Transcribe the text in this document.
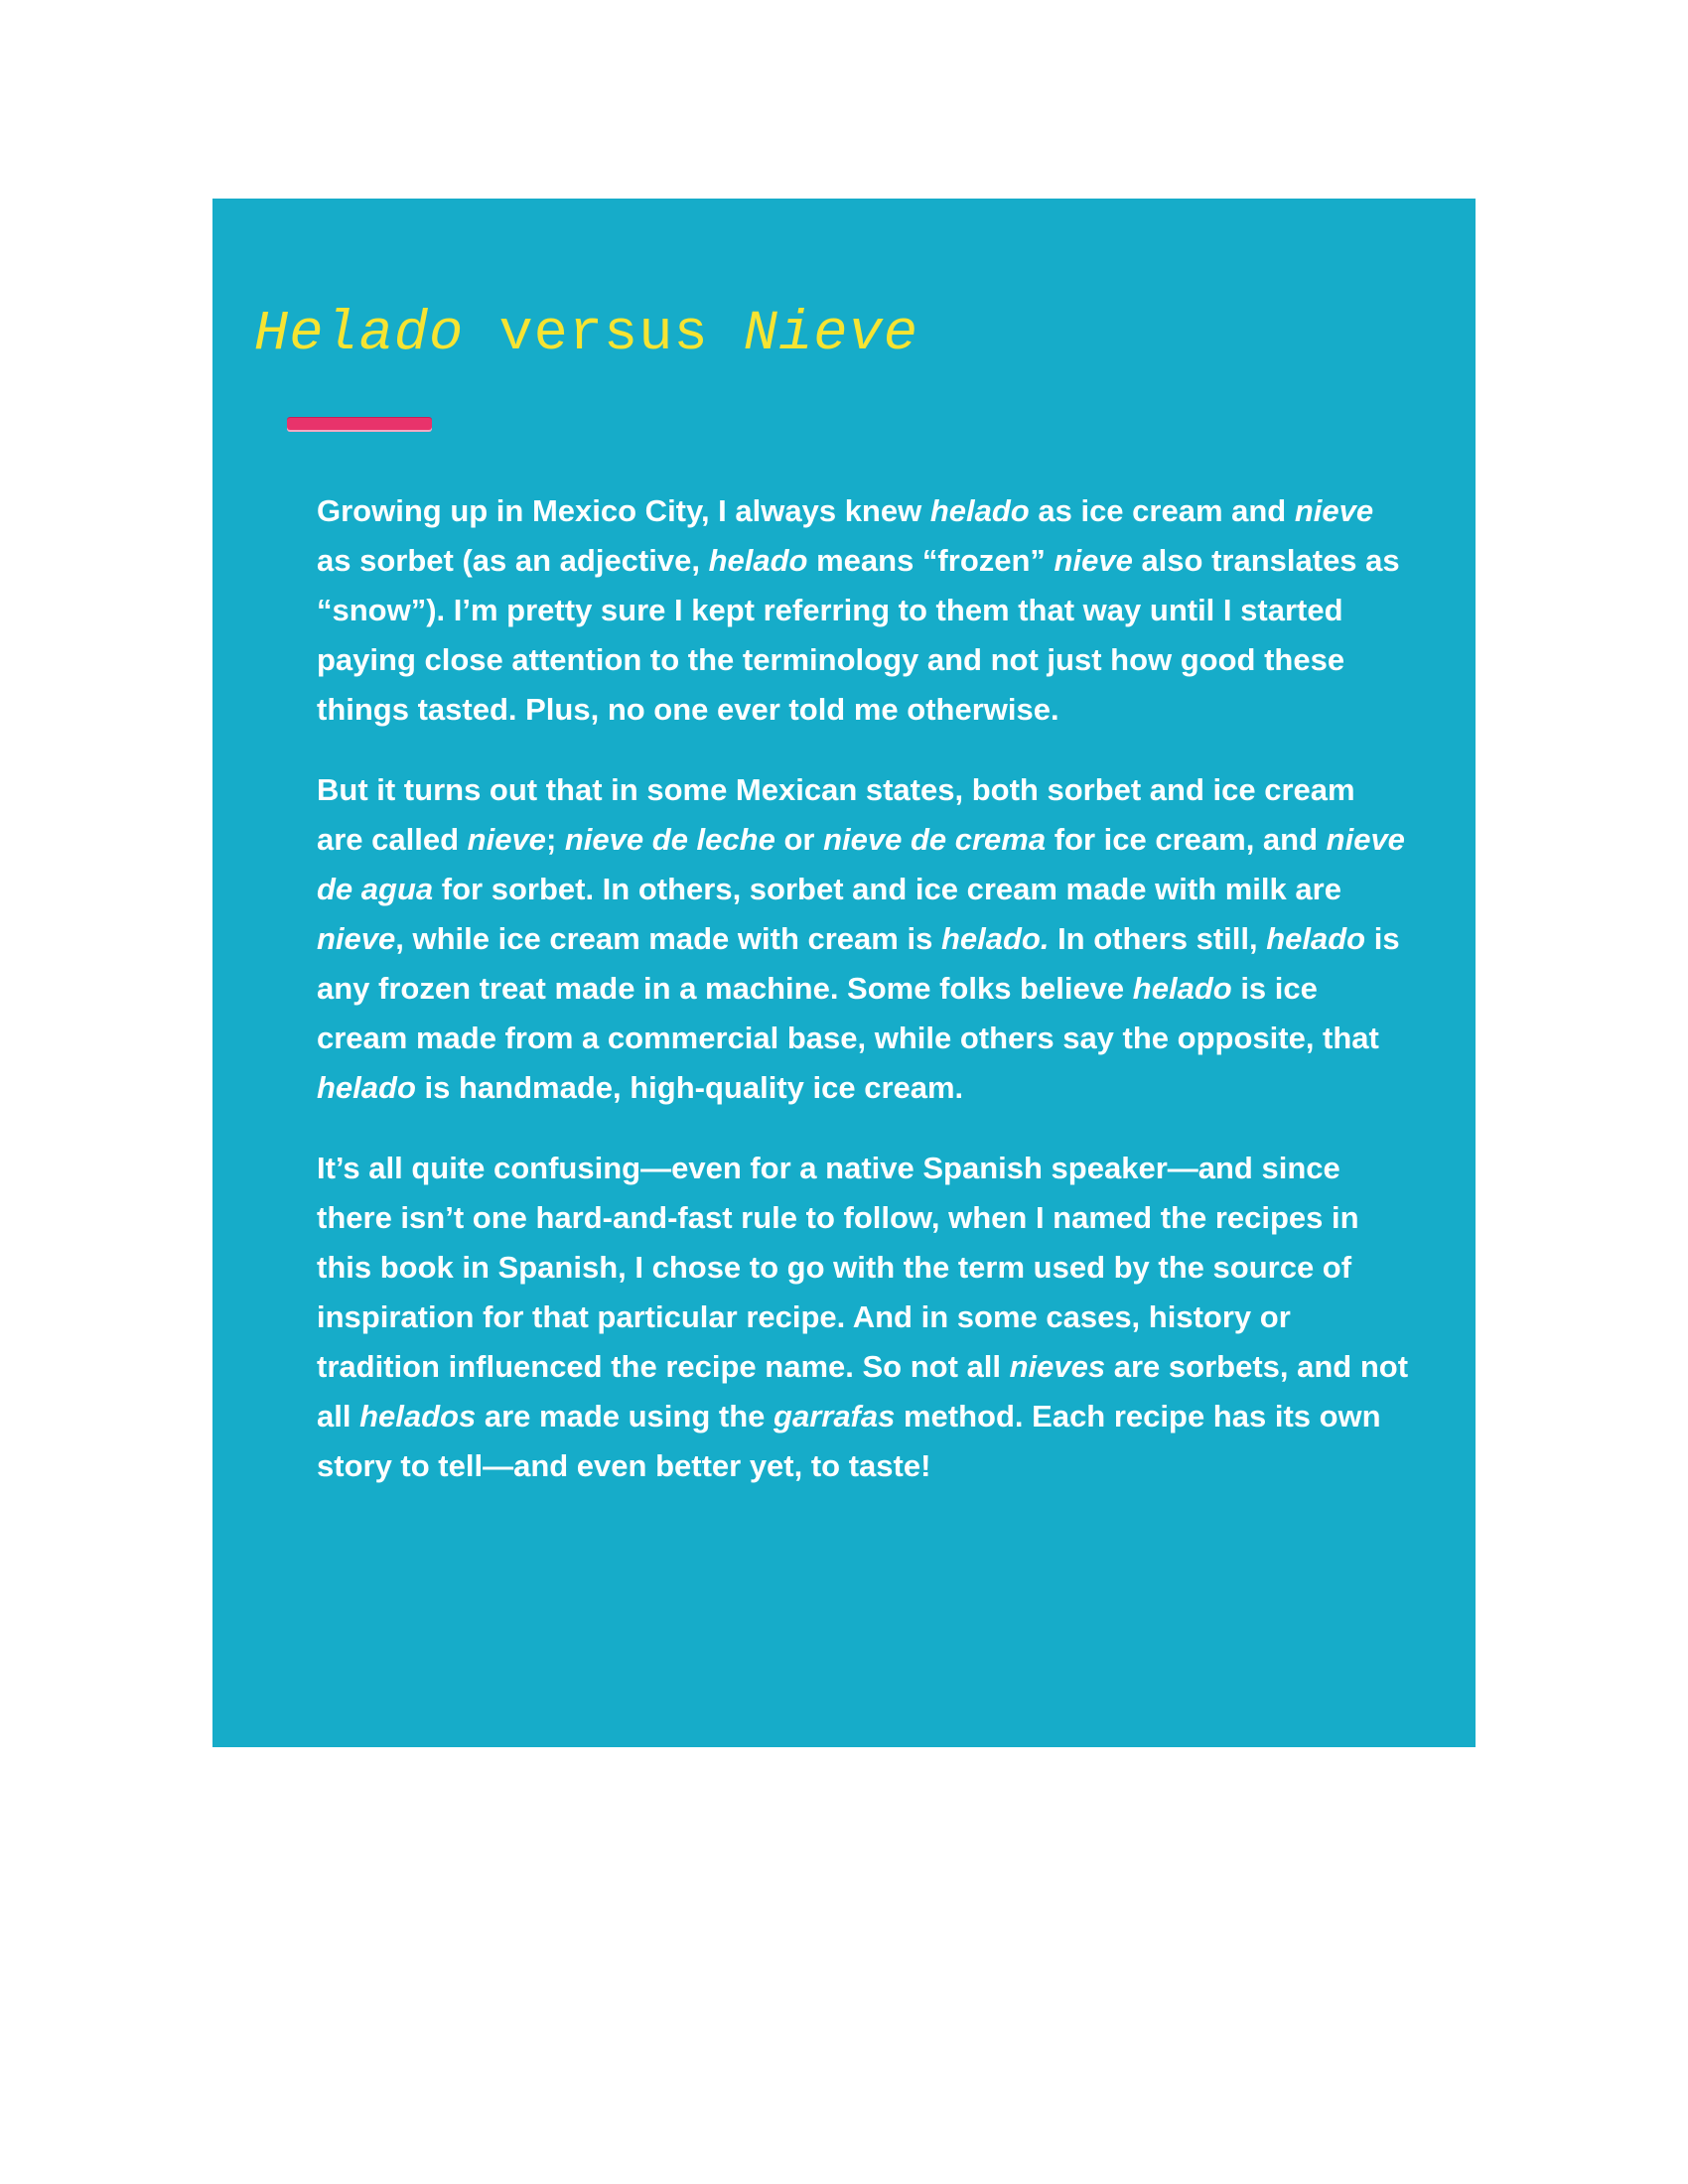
Helado versus Nieve

Growing up in Mexico City, I always knew helado as ice cream and nieve as sorbet (as an adjective, helado means “frozen” nieve also translates as “snow”). I’m pretty sure I kept referring to them that way until I started paying close attention to the terminology and not just how good these things tasted. Plus, no one ever told me otherwise.

But it turns out that in some Mexican states, both sorbet and ice cream are called nieve; nieve de leche or nieve de crema for ice cream, and nieve de agua for sorbet. In others, sorbet and ice cream made with milk are nieve, while ice cream made with cream is helado. In others still, helado is any frozen treat made in a machine. Some folks believe helado is ice cream made from a commercial base, while others say the opposite, that helado is handmade, high-quality ice cream.

It’s all quite confusing—even for a native Spanish speaker—and since there isn’t one hard-and-fast rule to follow, when I named the recipes in this book in Spanish, I chose to go with the term used by the source of inspiration for that particular recipe. And in some cases, history or tradition influenced the recipe name. So not all nieves are sorbets, and not all helados are made using the garrafas method. Each recipe has its own story to tell—and even better yet, to taste!
